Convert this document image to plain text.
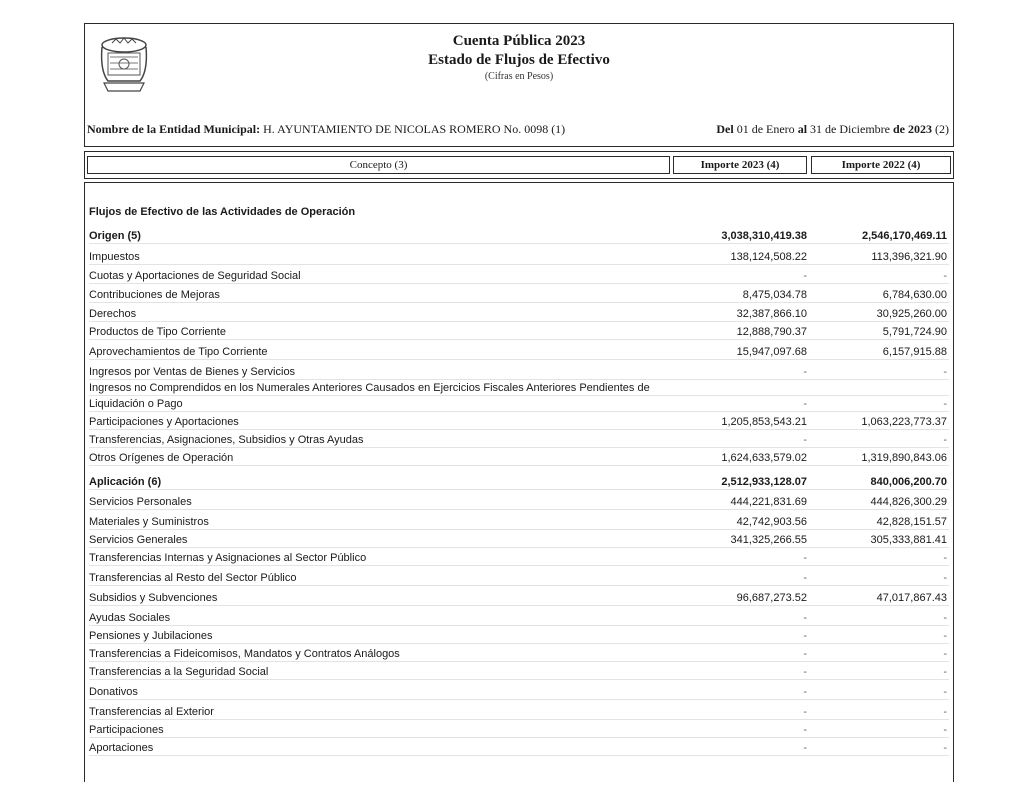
Cuenta Pública 2023
Estado de Flujos de Efectivo
(Cifras en Pesos)
Nombre de la Entidad Municipal: H. AYUNTAMIENTO DE NICOLAS ROMERO No. 0098 (1)	Del 01 de Enero al 31 de Diciembre de 2023 (2)
Concepto (3)	Importe 2023 (4)	Importe 2022 (4)
Flujos de Efectivo de las Actividades de Operación
Origen (5)	3,038,310,419.38	2,546,170,469.11
Impuestos	138,124,508.22	113,396,321.90
Cuotas y Aportaciones de Seguridad Social	-	-
Contribuciones de Mejoras	8,475,034.78	6,784,630.00
Derechos	32,387,866.10	30,925,260.00
Productos de Tipo Corriente	12,888,790.37	5,791,724.90
Aprovechamientos de Tipo Corriente	15,947,097.68	6,157,915.88
Ingresos por Ventas de Bienes y Servicios	-	-
Ingresos no Comprendidos en los Numerales Anteriores Causados en Ejercicios Fiscales Anteriores Pendientes de
Liquidación o Pago	-	-
Participaciones y Aportaciones	1,205,853,543.21	1,063,223,773.37
Transferencias, Asignaciones, Subsidios y Otras Ayudas	-	-
Otros Orígenes de Operación	1,624,633,579.02	1,319,890,843.06
Aplicación (6)	2,512,933,128.07	840,006,200.70
Servicios Personales	444,221,831.69	444,826,300.29
Materiales y Suministros	42,742,903.56	42,828,151.57
Servicios Generales	341,325,266.55	305,333,881.41
Transferencias Internas y Asignaciones al Sector Público	-	-
Transferencias al Resto del Sector Público	-	-
Subsidios y Subvenciones	96,687,273.52	47,017,867.43
Ayudas Sociales	-	-
Pensiones y Jubilaciones	-	-
Transferencias a Fideicomisos, Mandatos y Contratos Análogos	-	-
Transferencias a la Seguridad Social	-	-
Donativos	-	-
Transferencias al Exterior	-	-
Participaciones	-	-
Aportaciones	-	-
